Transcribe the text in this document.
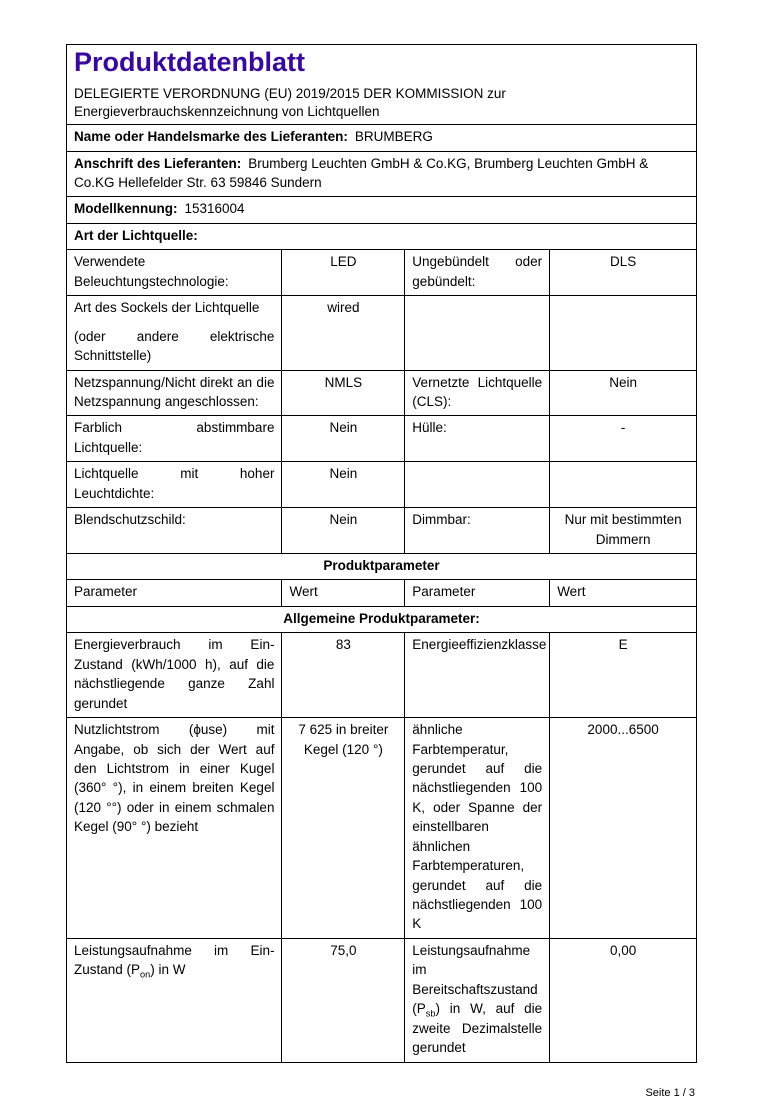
Produktdatenblatt
DELEGIERTE VERORDNUNG (EU) 2019/2015 DER KOMMISSION zur
Energieverbrauchskennzeichnung von Lichtquellen			

Name oder Handelsmarke des Lieferanten: BRUMBERG			
Anschrift des Lieferanten: Brumberg Leuchten GmbH & Co.KG, Brumberg Leuchten GmbH & Co.KG Hellefelder Str. 63 59846 Sundern			
Modellkennung: 15316004			
Art der Lichtquelle:			

Verwendete Beleuchtungstechnologie:	LED	Ungebündelt oder gebündelt:	DLS

Art des Sockels der Lichtquelle
(oder andere elektrische Schnittstelle)	wired		

Netzspannung/Nicht direkt an die Netzspannung angeschlossen:	NMLS	Vernetzte Lichtquelle (CLS):	Nein

Farblich abstimmbare Lichtquelle:	Nein	Hülle:	-

Lichtquelle mit hoher Leuchtdichte:	Nein		

Blendschutzschild:	Nein	Dimmbar:	Nur mit bestimmten Dimmern

Produktparameter			
Parameter	Wert	Parameter	Wert
Allgemeine Produktparameter:			

Energieverbrauch im Ein-Zustand (kWh/1000 h), auf die nächstliegende ganze Zahl gerundet	83	Energieeffizienzklasse	E

Nutzlichtstrom (ϕuse) mit Angabe, ob sich der Wert auf den Lichtstrom in einer Kugel (360° °), in einem breiten Kegel (120 °°) oder in einem schmalen Kegel (90° °) bezieht	7 625 in breiter Kegel (120 °)	ähnliche Farbtemperatur, gerundet auf die nächstliegenden 100 K, oder Spanne der einstellbaren ähnlichen Farbtemperaturen, gerundet auf die nächstliegenden 100 K	2000...6500

Leistungsaufnahme im Ein-Zustand $(P_{on})$ in W	75,0	Leistungsaufnahme im Bereitschaftszustand $(P_{sb})$ in W, auf die zweite Dezimalstelle gerundet	0,00
Seite 1 / 3
